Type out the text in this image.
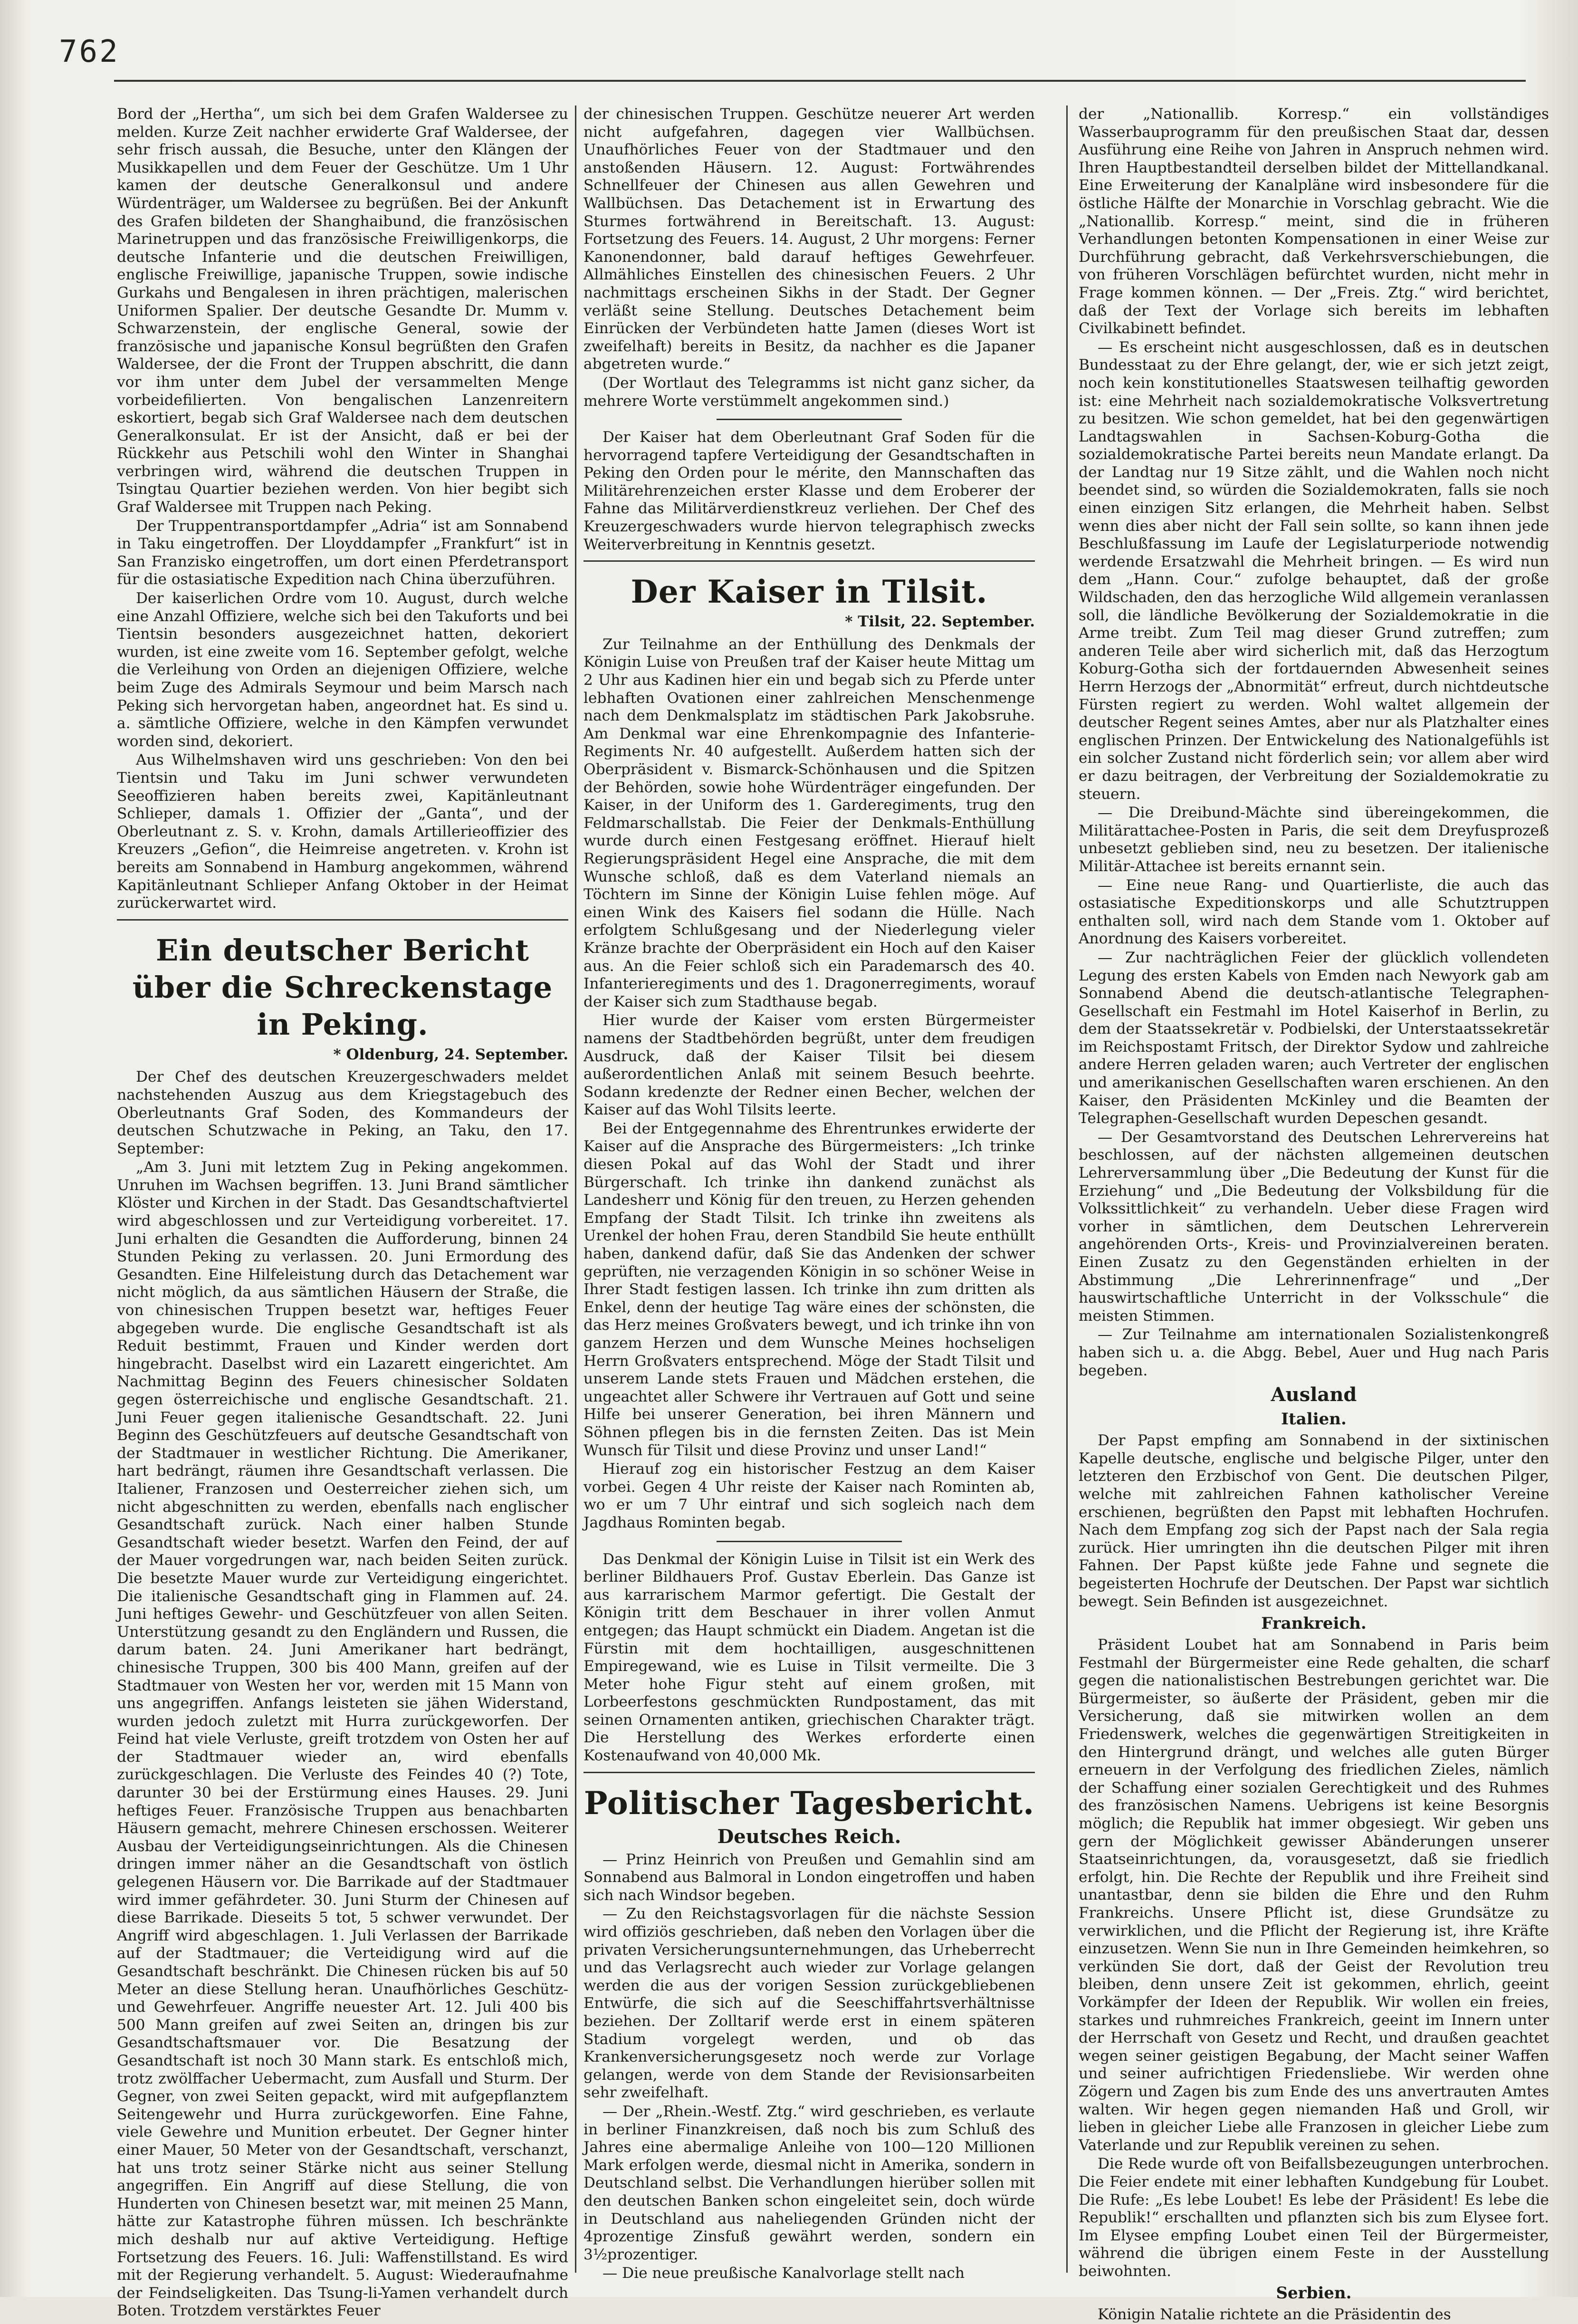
762

Bord der „Hertha“, um sich bei dem Grafen Waldersee zu melden. Kurze Zeit nachher erwiderte Graf Waldersee, der sehr frisch aussah, die Besuche, unter den Klängen der Musikkapellen und dem Feuer der Geschütze. Um 1 Uhr kamen der deutsche Generalkonsul und andere Würdenträger, um Waldersee zu begrüßen. Bei der Ankunft des Grafen bildeten der Shanghaibund, die französischen Marinetruppen und das französische Freiwilligenkorps, die deutsche Infanterie und die deutschen Freiwilligen, englische Freiwillige, japanische Truppen, sowie indische Gurkahs und Bengalesen in ihren prächtigen, malerischen Uniformen Spalier. Der deutsche Gesandte Dr. Mumm v. Schwarzenstein, der englische General, sowie der französische und japanische Konsul begrüßten den Grafen Waldersee, der die Front der Truppen abschritt, die dann vor ihm unter dem Jubel der versammelten Menge vorbeidefilierten. Von bengalischen Lanzenreitern eskortiert, begab sich Graf Waldersee nach dem deutschen Generalkonsulat. Er ist der Ansicht, daß er bei der Rückkehr aus Petschili wohl den Winter in Shanghai verbringen wird, während die deutschen Truppen in Tsingtau Quartier beziehen werden. Von hier begibt sich Graf Waldersee mit Truppen nach Peking.

Der Truppentransportdampfer „Adria“ ist am Sonnabend in Taku eingetroffen. Der Lloyddampfer „Frankfurt“ ist in San Franzisko eingetroffen, um dort einen Pferdetransport für die ostasiatische Expedition nach China überzuführen.

Der kaiserlichen Ordre vom 10. August, durch welche eine Anzahl Offiziere, welche sich bei den Takuforts und bei Tientsin besonders ausgezeichnet hatten, dekoriert wurden, ist eine zweite vom 16. September gefolgt, welche die Verleihung von Orden an diejenigen Offiziere, welche beim Zuge des Admirals Seymour und beim Marsch nach Peking sich hervorgetan haben, angeordnet hat. Es sind u. a. sämtliche Offiziere, welche in den Kämpfen verwundet worden sind, dekoriert.

Aus Wilhelmshaven wird uns geschrieben: Von den bei Tientsin und Taku im Juni schwer verwundeten Seeoffizieren haben bereits zwei, Kapitänleutnant Schlieper, damals 1. Offizier der „Ganta“, und der Oberleutnant z. S. v. Krohn, damals Artillerieoffizier des Kreuzers „Gefion“, die Heimreise angetreten. v. Krohn ist bereits am Sonnabend in Hamburg angekommen, während Kapitänleutnant Schlieper Anfang Oktober in der Heimat zurückerwartet wird.

Ein deutscher Bericht über die Schreckenstage in Peking.
* Oldenburg, 24. September.

Der Chef des deutschen Kreuzergeschwaders meldet nachstehenden Auszug aus dem Kriegstagebuch des Oberleutnants Graf Soden, des Kommandeurs der deutschen Schutzwache in Peking, an Taku, den 17. September:

„Am 3. Juni mit letztem Zug in Peking angekommen. Unruhen im Wachsen begriffen. 13. Juni Brand sämtlicher Klöster und Kirchen in der Stadt. Das Gesandtschaftviertel wird abgeschlossen und zur Verteidigung vorbereitet. 17. Juni erhalten die Gesandten die Aufforderung, binnen 24 Stunden Peking zu verlassen. 20. Juni Ermordung des Gesandten. Eine Hilfeleistung durch das Detachement war nicht möglich, da aus sämtlichen Häusern der Straße, die von chinesischen Truppen besetzt war, heftiges Feuer abgegeben wurde. Die englische Gesandtschaft ist als Reduit bestimmt, Frauen und Kinder werden dort hingebracht. Daselbst wird ein Lazarett eingerichtet. Am Nachmittag Beginn des Feuers chinesischer Soldaten gegen österreichische und englische Gesandtschaft. 21. Juni Feuer gegen italienische Gesandtschaft. 22. Juni Beginn des Geschützfeuers auf deutsche Gesandtschaft von der Stadtmauer in westlicher Richtung. Die Amerikaner, hart bedrängt, räumen ihre Gesandtschaft verlassen. Die Italiener, Franzosen und Oesterreicher ziehen sich, um nicht abgeschnitten zu werden, ebenfalls nach englischer Gesandtschaft zurück. Nach einer halben Stunde Gesandtschaft wieder besetzt. Warfen den Feind, der auf der Mauer vorgedrungen war, nach beiden Seiten zurück. Die besetzte Mauer wurde zur Verteidigung eingerichtet. Die italienische Gesandtschaft ging in Flammen auf. 24. Juni heftiges Gewehr- und Geschützfeuer von allen Seiten. Unterstützung gesandt zu den Engländern und Russen, die darum baten. 24. Juni Amerikaner hart bedrängt, chinesische Truppen, 300 bis 400 Mann, greifen auf der Stadtmauer von Westen her vor, werden mit 15 Mann von uns angegriffen. Anfangs leisteten sie jähen Widerstand, wurden jedoch zuletzt mit Hurra zurückgeworfen. Der Feind hat viele Verluste, greift trotzdem von Osten her auf der Stadtmauer wieder an, wird ebenfalls zurückgeschlagen. Die Verluste des Feindes 40 (?) Tote, darunter 30 bei der Erstürmung eines Hauses. 29. Juni heftiges Feuer. Französische Truppen aus benachbarten Häusern gemacht, mehrere Chinesen erschossen. Weiterer Ausbau der Verteidigungseinrichtungen. Als die Chinesen dringen immer näher an die Gesandtschaft von östlich gelegenen Häusern vor. Die Barrikade auf der Stadtmauer wird immer gefährdeter. 30. Juni Sturm der Chinesen auf diese Barrikade. Dieseits 5 tot, 5 schwer verwundet. Der Angriff wird abgeschlagen. 1. Juli Verlassen der Barrikade auf der Stadtmauer; die Verteidigung wird auf die Gesandtschaft beschränkt. Die Chinesen rücken bis auf 50 Meter an diese Stellung heran. Unaufhörliches Geschütz- und Gewehrfeuer. Angriffe neuester Art. 12. Juli 400 bis 500 Mann greifen auf zwei Seiten an, dringen bis zur Gesandtschaftsmauer vor. Die Besatzung der Gesandtschaft ist noch 30 Mann stark. Es entschloß mich, trotz zwölffacher Uebermacht, zum Ausfall und Sturm. Der Gegner, von zwei Seiten gepackt, wird mit aufgepflanztem Seitengewehr und Hurra zurückgeworfen. Eine Fahne, viele Gewehre und Munition erbeutet. Der Gegner hinter einer Mauer, 50 Meter von der Gesandtschaft, verschanzt, hat uns trotz seiner Stärke nicht aus seiner Stellung angegriffen. Ein Angriff auf diese Stellung, die von Hunderten von Chinesen besetzt war, mit meinen 25 Mann, hätte zur Katastrophe führen müssen. Ich beschränkte mich deshalb nur auf aktive Verteidigung. Heftige Fortsetzung des Feuers. 16. Juli: Waffenstillstand. Es wird mit der Regierung verhandelt. 5. August: Wiederaufnahme der Feindseligkeiten. Das Tsung-li-Yamen verhandelt durch Boten. Trotzdem verstärktes Feuer

der chinesischen Truppen. Geschütze neuerer Art werden nicht aufgefahren, dagegen vier Wallbüchsen. Unaufhörliches Feuer von der Stadtmauer und den anstoßenden Häusern. 12. August: Fortwährendes Schnellfeuer der Chinesen aus allen Gewehren und Wallbüchsen. Das Detachement ist in Erwartung des Sturmes fortwährend in Bereitschaft. 13. August: Fortsetzung des Feuers. 14. August, 2 Uhr morgens: Ferner Kanonendonner, bald darauf heftiges Gewehrfeuer. Allmähliches Einstellen des chinesischen Feuers. 2 Uhr nachmittags erscheinen Sikhs in der Stadt. Der Gegner verläßt seine Stellung. Deutsches Detachement beim Einrücken der Verbündeten hatte Jamen (dieses Wort ist zweifelhaft) bereits in Besitz, da nachher es die Japaner abgetreten wurde.“

(Der Wortlaut des Telegramms ist nicht ganz sicher, da mehrere Worte verstümmelt angekommen sind.)

Der Kaiser hat dem Oberleutnant Graf Soden für die hervorragend tapfere Verteidigung der Gesandtschaften in Peking den Orden pour le mérite, den Mannschaften das Militärehrenzeichen erster Klasse und dem Eroberer der Fahne das Militärverdienstkreuz verliehen. Der Chef des Kreuzergeschwaders wurde hiervon telegraphisch zwecks Weiterverbreitung in Kenntnis gesetzt.

Der Kaiser in Tilsit.
* Tilsit, 22. September.

Zur Teilnahme an der Enthüllung des Denkmals der Königin Luise von Preußen traf der Kaiser heute Mittag um 2 Uhr aus Kadinen hier ein und begab sich zu Pferde unter lebhaften Ovationen einer zahlreichen Menschenmenge nach dem Denkmalsplatz im städtischen Park Jakobsruhe. Am Denkmal war eine Ehrenkompagnie des Infanterie-Regiments Nr. 40 aufgestellt. Außerdem hatten sich der Oberpräsident v. Bismarck-Schönhausen und die Spitzen der Behörden, sowie hohe Würdenträger eingefunden. Der Kaiser, in der Uniform des 1. Garderegiments, trug den Feldmarschallstab. Die Feier der Denkmals-Enthüllung wurde durch einen Festgesang eröffnet. Hierauf hielt Regierungspräsident Hegel eine Ansprache, die mit dem Wunsche schloß, daß es dem Vaterland niemals an Töchtern im Sinne der Königin Luise fehlen möge. Auf einen Wink des Kaisers fiel sodann die Hülle. Nach erfolgtem Schlußgesang und der Niederlegung vieler Kränze brachte der Oberpräsident ein Hoch auf den Kaiser aus. An die Feier schloß sich ein Parademarsch des 40. Infanterieregiments und des 1. Dragonerregiments, worauf der Kaiser sich zum Stadthause begab.

Hier wurde der Kaiser vom ersten Bürgermeister namens der Stadtbehörden begrüßt, unter dem freudigen Ausdruck, daß der Kaiser Tilsit bei diesem außerordentlichen Anlaß mit seinem Besuch beehrte. Sodann kredenzte der Redner einen Becher, welchen der Kaiser auf das Wohl Tilsits leerte.

Bei der Entgegennahme des Ehrentrunkes erwiderte der Kaiser auf die Ansprache des Bürgermeisters: „Ich trinke diesen Pokal auf das Wohl der Stadt und ihrer Bürgerschaft. Ich trinke ihn dankend zunächst als Landesherr und König für den treuen, zu Herzen gehenden Empfang der Stadt Tilsit. Ich trinke ihn zweitens als Urenkel der hohen Frau, deren Standbild Sie heute enthüllt haben, dankend dafür, daß Sie das Andenken der schwer geprüften, nie verzagenden Königin in so schöner Weise in Ihrer Stadt festigen lassen. Ich trinke ihn zum dritten als Enkel, denn der heutige Tag wäre eines der schönsten, die das Herz meines Großvaters bewegt, und ich trinke ihn von ganzem Herzen und dem Wunsche Meines hochseligen Herrn Großvaters entsprechend. Möge der Stadt Tilsit und unserem Lande stets Frauen und Mädchen erstehen, die ungeachtet aller Schwere ihr Vertrauen auf Gott und seine Hilfe bei unserer Generation, bei ihren Männern und Söhnen pflegen bis in die fernsten Zeiten. Das ist Mein Wunsch für Tilsit und diese Provinz und unser Land!“

Hierauf zog ein historischer Festzug an dem Kaiser vorbei. Gegen 4 Uhr reiste der Kaiser nach Rominten ab, wo er um 7 Uhr eintraf und sich sogleich nach dem Jagdhaus Rominten begab.

Das Denkmal der Königin Luise in Tilsit ist ein Werk des berliner Bildhauers Prof. Gustav Eberlein. Das Ganze ist aus karrarischem Marmor gefertigt. Die Gestalt der Königin tritt dem Beschauer in ihrer vollen Anmut entgegen; das Haupt schmückt ein Diadem. Angetan ist die Fürstin mit dem hochtailligen, ausgeschnittenen Empiregewand, wie es Luise in Tilsit vermeilte. Die 3 Meter hohe Figur steht auf einem großen, mit Lorbeerfestons geschmückten Rundpostament, das mit seinen Ornamenten antiken, griechischen Charakter trägt. Die Herstellung des Werkes erforderte einen Kostenaufwand von 40,000 Mk.

Politischer Tagesbericht.
Deutsches Reich.

— Prinz Heinrich von Preußen und Gemahlin sind am Sonnabend aus Balmoral in London eingetroffen und haben sich nach Windsor begeben.

— Zu den Reichstagsvorlagen für die nächste Session wird offiziös geschrieben, daß neben den Vorlagen über die privaten Versicherungsunternehmungen, das Urheberrecht und das Verlagsrecht auch wieder zur Vorlage gelangen werden die aus der vorigen Session zurückgebliebenen Entwürfe, die sich auf die Seeschiffahrtsverhältnisse beziehen. Der Zolltarif werde erst in einem späteren Stadium vorgelegt werden, und ob das Krankenversicherungsgesetz noch werde zur Vorlage gelangen, werde von dem Stande der Revisionsarbeiten sehr zweifelhaft.

— Der „Rhein.-Westf. Ztg.“ wird geschrieben, es verlaute in berliner Finanzkreisen, daß noch bis zum Schluß des Jahres eine abermalige Anleihe von 100—120 Millionen Mark erfolgen werde, diesmal nicht in Amerika, sondern in Deutschland selbst. Die Verhandlungen hierüber sollen mit den deutschen Banken schon eingeleitet sein, doch würde in Deutschland aus naheliegenden Gründen nicht der 4prozentige Zinsfuß gewährt werden, sondern ein 3½prozentiger.

— Die neue preußische Kanalvorlage stellt nach

der „Nationallib. Korresp.“ ein vollständiges Wasserbauprogramm für den preußischen Staat dar, dessen Ausführung eine Reihe von Jahren in Anspruch nehmen wird. Ihren Hauptbestandteil derselben bildet der Mittellandkanal. Eine Erweiterung der Kanalpläne wird insbesondere für die östliche Hälfte der Monarchie in Vorschlag gebracht. Wie die „Nationallib. Korresp.“ meint, sind die in früheren Verhandlungen betonten Kompensationen in einer Weise zur Durchführung gebracht, daß Verkehrsverschiebungen, die von früheren Vorschlägen befürchtet wurden, nicht mehr in Frage kommen können. — Der „Freis. Ztg.“ wird berichtet, daß der Text der Vorlage sich bereits im lebhaften Civilkabinett befindet.

— Es erscheint nicht ausgeschlossen, daß es in deutschen Bundesstaat zu der Ehre gelangt, der, wie er sich jetzt zeigt, noch kein konstitutionelles Staatswesen teilhaftig geworden ist: eine Mehrheit nach sozialdemokratische Volksvertretung zu besitzen. Wie schon gemeldet, hat bei den gegenwärtigen Landtagswahlen in Sachsen-Koburg-Gotha die sozialdemokratische Partei bereits neun Mandate erlangt. Da der Landtag nur 19 Sitze zählt, und die Wahlen noch nicht beendet sind, so würden die Sozialdemokraten, falls sie noch einen einzigen Sitz erlangen, die Mehrheit haben. Selbst wenn dies aber nicht der Fall sein sollte, so kann ihnen jede Beschlußfassung im Laufe der Legislaturperiode notwendig werdende Ersatzwahl die Mehrheit bringen. — Es wird nun dem „Hann. Cour.“ zufolge behauptet, daß der große Wildschaden, den das herzogliche Wild allgemein veranlassen soll, die ländliche Bevölkerung der Sozialdemokratie in die Arme treibt. Zum Teil mag dieser Grund zutreffen; zum anderen Teile aber wird sicherlich mit, daß das Herzogtum Koburg-Gotha sich der fortdauernden Abwesenheit seines Herrn Herzogs der „Abnormität“ erfreut, durch nichtdeutsche Fürsten regiert zu werden. Wohl waltet allgemein der deutscher Regent seines Amtes, aber nur als Platzhalter eines englischen Prinzen. Der Entwickelung des Nationalgefühls ist ein solcher Zustand nicht förderlich sein; vor allem aber wird er dazu beitragen, der Verbreitung der Sozialdemokratie zu steuern.

— Die Dreibund-Mächte sind übereingekommen, die Militärattachee-Posten in Paris, die seit dem Dreyfusprozeß unbesetzt geblieben sind, neu zu besetzen. Der italienische Militär-Attachee ist bereits ernannt sein.

— Eine neue Rang- und Quartierliste, die auch das ostasiatische Expeditionskorps und alle Schutztruppen enthalten soll, wird nach dem Stande vom 1. Oktober auf Anordnung des Kaisers vorbereitet.

— Zur nachträglichen Feier der glücklich vollendeten Legung des ersten Kabels von Emden nach Newyork gab am Sonnabend Abend die deutsch-atlantische Telegraphen-Gesellschaft ein Festmahl im Hotel Kaiserhof in Berlin, zu dem der Staatssekretär v. Podbielski, der Unterstaatssekretär im Reichspostamt Fritsch, der Direktor Sydow und zahlreiche andere Herren geladen waren; auch Vertreter der englischen und amerikanischen Gesellschaften waren erschienen. An den Kaiser, den Präsidenten McKinley und die Beamten der Telegraphen-Gesellschaft wurden Depeschen gesandt.

— Der Gesamtvorstand des Deutschen Lehrervereins hat beschlossen, auf der nächsten allgemeinen deutschen Lehrerversammlung über „Die Bedeutung der Kunst für die Erziehung“ und „Die Bedeutung der Volksbildung für die Volkssittlichkeit“ zu verhandeln. Ueber diese Fragen wird vorher in sämtlichen, dem Deutschen Lehrerverein angehörenden Orts-, Kreis- und Provinzialvereinen beraten. Einen Zusatz zu den Gegenständen erhielten in der Abstimmung „Die Lehrerinnenfrage“ und „Der hauswirtschaftliche Unterricht in der Volksschule“ die meisten Stimmen.

— Zur Teilnahme am internationalen Sozialistenkongreß haben sich u. a. die Abgg. Bebel, Auer und Hug nach Paris begeben.

Ausland
Italien.

Der Papst empfing am Sonnabend in der sixtinischen Kapelle deutsche, englische und belgische Pilger, unter den letzteren den Erzbischof von Gent. Die deutschen Pilger, welche mit zahlreichen Fahnen katholischer Vereine erschienen, begrüßten den Papst mit lebhaften Hochrufen. Nach dem Empfang zog sich der Papst nach der Sala regia zurück. Hier umringten ihn die deutschen Pilger mit ihren Fahnen. Der Papst küßte jede Fahne und segnete die begeisterten Hochrufe der Deutschen. Der Papst war sichtlich bewegt. Sein Befinden ist ausgezeichnet.

Frankreich.

Präsident Loubet hat am Sonnabend in Paris beim Festmahl der Bürgermeister eine Rede gehalten, die scharf gegen die nationalistischen Bestrebungen gerichtet war. Die Bürgermeister, so äußerte der Präsident, geben mir die Versicherung, daß sie mitwirken wollen an dem Friedenswerk, welches die gegenwärtigen Streitigkeiten in den Hintergrund drängt, und welches alle guten Bürger erneuern in der Verfolgung des friedlichen Zieles, nämlich der Schaffung einer sozialen Gerechtigkeit und des Ruhmes des französischen Namens. Uebrigens ist keine Besorgnis möglich; die Republik hat immer obgesiegt. Wir geben uns gern der Möglichkeit gewisser Abänderungen unserer Staatseinrichtungen, da, vorausgesetzt, daß sie friedlich erfolgt, hin. Die Rechte der Republik und ihre Freiheit sind unantastbar, denn sie bilden die Ehre und den Ruhm Frankreichs. Unsere Pflicht ist, diese Grundsätze zu verwirklichen, und die Pflicht der Regierung ist, ihre Kräfte einzusetzen. Wenn Sie nun in Ihre Gemeinden heimkehren, so verkünden Sie dort, daß der Geist der Revolution treu bleiben, denn unsere Zeit ist gekommen, ehrlich, geeint Vorkämpfer der Ideen der Republik. Wir wollen ein freies, starkes und ruhmreiches Frankreich, geeint im Innern unter der Herrschaft von Gesetz und Recht, und draußen geachtet wegen seiner geistigen Begabung, der Macht seiner Waffen und seiner aufrichtigen Friedensliebe. Wir werden ohne Zögern und Zagen bis zum Ende des uns anvertrauten Amtes walten. Wir hegen gegen niemanden Haß und Groll, wir lieben in gleicher Liebe alle Franzosen in gleicher Liebe zum Vaterlande und zur Republik vereinen zu sehen.

Die Rede wurde oft von Beifallsbezeugungen unterbrochen. Die Feier endete mit einer lebhaften Kundgebung für Loubet. Die Rufe: „Es lebe Loubet! Es lebe der Präsident! Es lebe die Republik!“ erschallten und pflanzten sich bis zum Elysee fort. Im Elysee empfing Loubet einen Teil der Bürgermeister, während die übrigen einem Feste in der Ausstellung beiwohnten.

Serbien.

Königin Natalie richtete an die Präsidentin des
